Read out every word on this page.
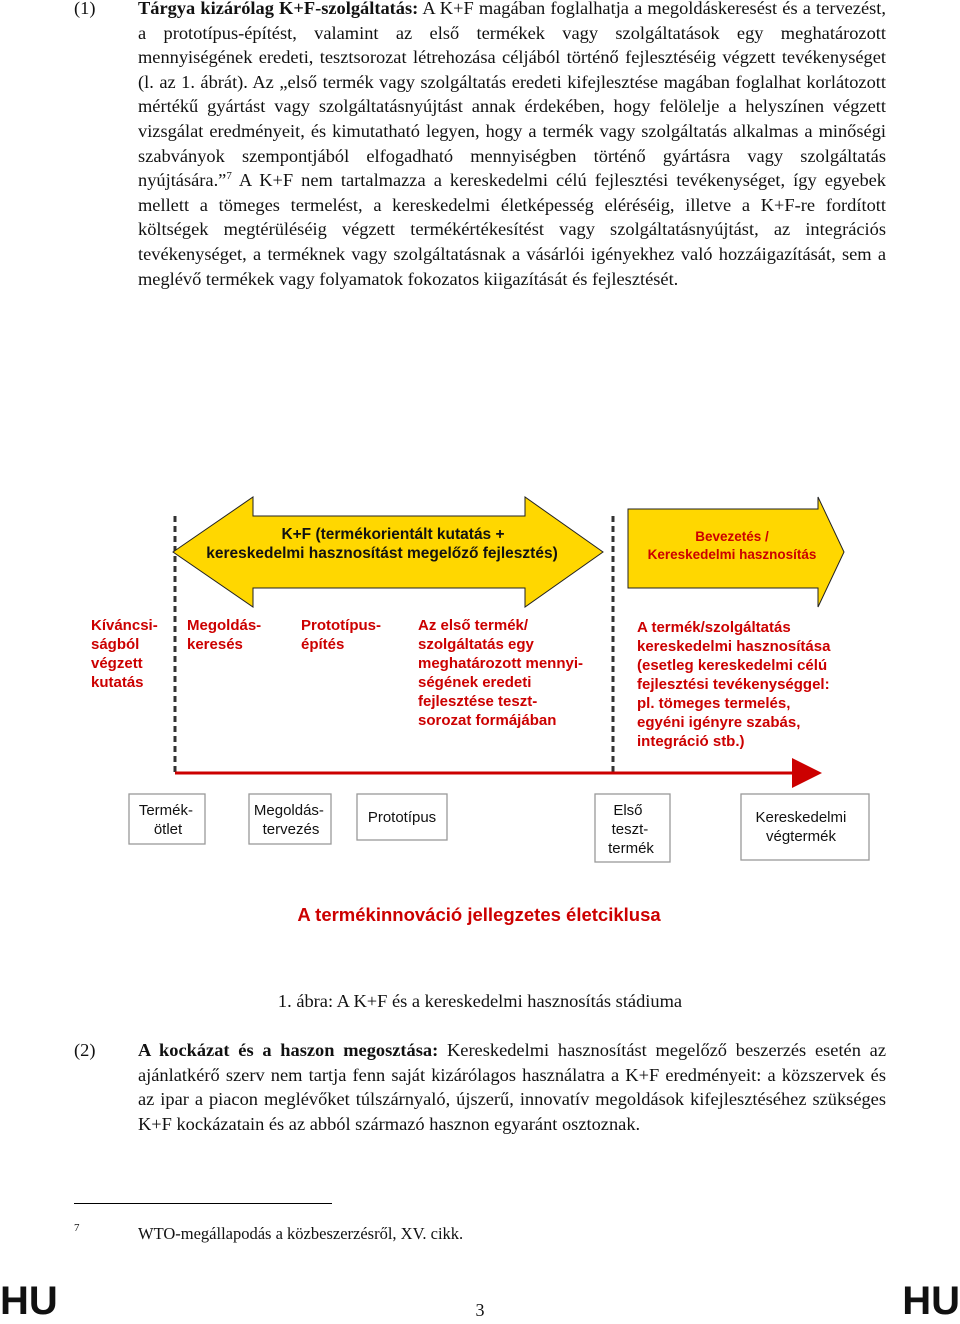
(1) Tárgya kizárólag K+F-szolgáltatás: A K+F magában foglalhatja a megoldáskeresést és a tervezést, a prototípus-építést, valamint az első termékek vagy szolgáltatások egy meghatározott mennyiségének eredeti, tesztsorozat létrehozása céljából történő fejlesztéséig végzett tevékenységet (l. az 1. ábrát). Az „első termék vagy szolgáltatás eredeti kifejlesztése magában foglalhat korlátozott mértékű gyártást vagy szolgáltatásnyújtást annak érdekében, hogy felölelje a helyszínen végzett vizsgálat eredményeit, és kimutatható legyen, hogy a termék vagy szolgáltatás alkalmas a minőségi szabványok szempontjából elfogadható mennyiségben történő gyártásra vagy szolgáltatás nyújtására.”$^7$ A K+F nem tartalmazza a kereskedelmi célú fejlesztési tevékenységet, így egyebek mellett a tömeges termelést, a kereskedelmi életképesség eléréséig, illetve a K+F-re fordított költségek megtérüléséig végzett termékértékesítést vagy szolgáltatásnyújtást, az integrációs tevékenységet, a terméknek vagy szolgáltatásnak a vásárlói igényekhez való hozzáigazítását, sem a meglévő termékek vagy folyamatok fokozatos kiigazítását és fejlesztését.
K+F (termékorientált kutatás +
kereskedelmi hasznosítást megelőző fejlesztés)
Bevezetés /
Kereskedelmi hasznosítás
Kíváncsi- ságból végzett kutatás
Megoldás- keresés
Prototípus- építés
Az első termék/ szolgáltatás egy meghatározott mennyi- ségének eredeti fejlesztése teszt- sorozat formájában
A termék/szolgáltatás kereskedelmi hasznosítása (esetleg kereskedelmi célú fejlesztési tevékenységgel: pl. tömeges termelés, egyéni igényre szabás, integráció stb.)
Termék- ötlet
Megoldás- tervezés
Prototípus	Első teszt- termék
Kereskedelmi végtermék
A termékinnováció jellegzetes életciklusa
1. ábra: A K+F és a kereskedelmi hasznosítás stádiuma
(2) A kockázat és a haszon megosztása: Kereskedelmi hasznosítást megelőző beszerzés esetén az ajánlatkérő szerv nem tartja fenn saját kizárólagos használatra a K+F eredményeit: a közszervek és az ipar a piacon meglévőket túlszárnyaló, újszerű, innovatív megoldások kifejlesztéséhez szükséges K+F kockázatain és az abból származó hasznon egyaránt osztoznak.
7	WTO-megállapodás a közbeszerzésről, XV. cikk.
HU	HU
3
